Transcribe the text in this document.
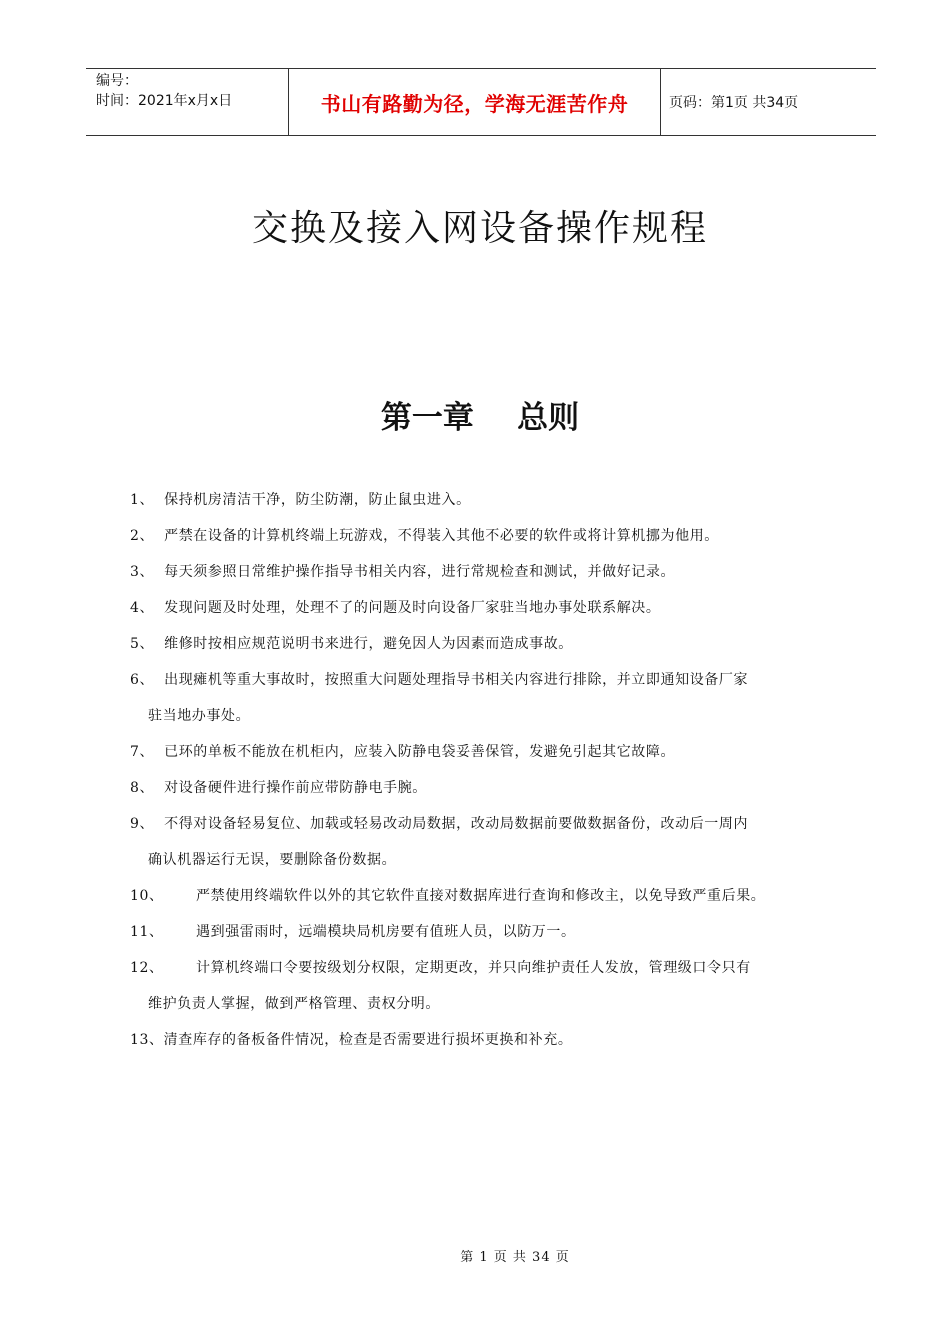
编号：
时间：2021年x月x日	书山有路勤为径，学海无涯苦作舟	页码：第1页 共34页
交换及接入网设备操作规程
第一章    总则
1、 保持机房清洁干净，防尘防潮，防止鼠虫进入。
2、 严禁在设备的计算机终端上玩游戏，不得装入其他不必要的软件或将计算机挪为他用。
3、 每天须参照日常维护操作指导书相关内容，进行常规检查和测试，并做好记录。
4、 发现问题及时处理，处理不了的问题及时向设备厂家驻当地办事处联系解决。
5、 维修时按相应规范说明书来进行，避免因人为因素而造成事故。
6、 出现瘫机等重大事故时，按照重大问题处理指导书相关内容进行排除，并立即通知设备厂家
驻当地办事处。
7、 已环的单板不能放在机柜内，应装入防静电袋妥善保管，发避免引起其它故障。
8、 对设备硬件进行操作前应带防静电手腕。
9、 不得对设备轻易复位、加载或轻易改动局数据，改动局数据前要做数据备份，改动后一周内
确认机器运行无误，要删除备份数据。
10、 严禁使用终端软件以外的其它软件直接对数据库进行查询和修改主，以免导致严重后果。
11、 遇到强雷雨时，远端模块局机房要有值班人员，以防万一。
12、 计算机终端口令要按级划分权限，定期更改，并只向维护责任人发放，管理级口令只有
维护负责人掌握，做到严格管理、责权分明。
13、清查库存的备板备件情况，检查是否需要进行损坏更换和补充。
第 1 页 共 34 页
